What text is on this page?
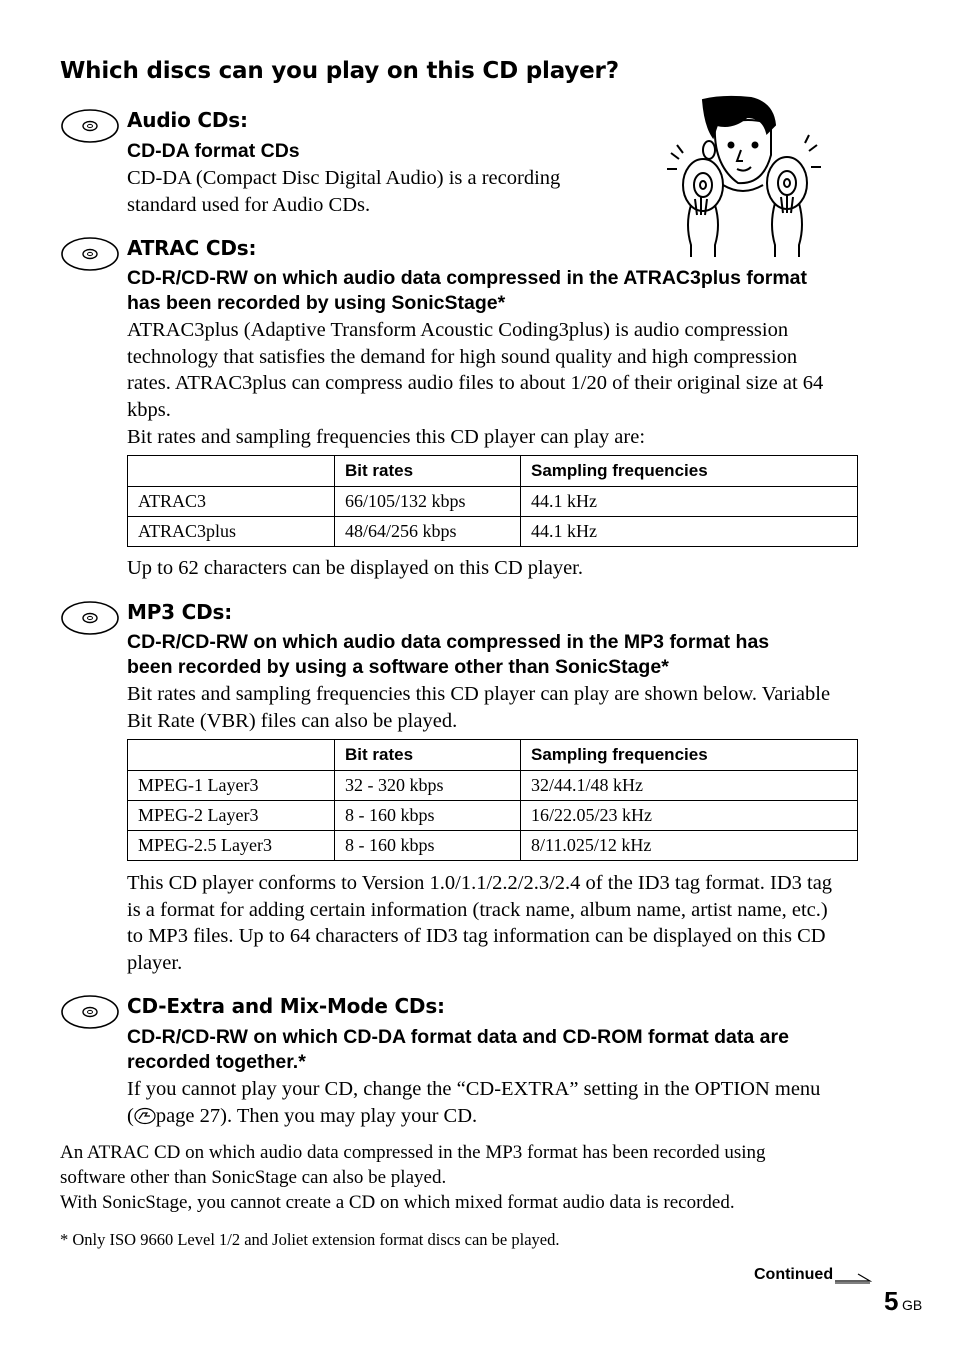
Which discs can you play on this CD player?
Audio CDs:

CD-DA format CDs

CD-DA (Compact Disc Digital Audio) is a recording
standard used for Audio CDs.

ATRAC CDs:

CD-R/CD-RW on which audio data compressed in the ATRAC3plus format
has been recorded by using SonicStage*

ATRAC3plus (Adaptive Transform Acoustic Coding3plus) is audio compression
technology that satisfies the demand for high sound quality and high compression
rates. ATRAC3plus can compress audio files to about 1/20 of their original size at 64
kbps.
Bit rates and sampling frequencies this CD player can play are:

	Bit rates	Sampling frequencies
ATRAC3	66/105/132 kbps	44.1 kHz
ATRAC3plus	48/64/256 kbps	44.1 kHz

Up to 62 characters can be displayed on this CD player.

MP3 CDs:

CD-R/CD-RW on which audio data compressed in the MP3 format has
been recorded by using a software other than SonicStage*

Bit rates and sampling frequencies this CD player can play are shown below. Variable
Bit Rate (VBR) files can also be played.

	Bit rates	Sampling frequencies
MPEG-1 Layer3	32 - 320 kbps	32/44.1/48 kHz
MPEG-2 Layer3	8 - 160 kbps	16/22.05/23 kHz
MPEG-2.5 Layer3	8 - 160 kbps	8/11.025/12 kHz

This CD player conforms to Version 1.0/1.1/2.2/2.3/2.4 of the ID3 tag format. ID3 tag
is a format for adding certain information (track name, album name, artist name, etc.)
to MP3 files. Up to 64 characters of ID3 tag information can be displayed on this CD
player.

CD-Extra and Mix-Mode CDs:

CD-R/CD-RW on which CD-DA format data and CD-ROM format data are
recorded together.*

If you cannot play your CD, change the “CD-EXTRA” setting in the OPTION menu
( page 27). Then you may play your CD.

An ATRAC CD on which audio data compressed in the MP3 format has been recorded using
software other than SonicStage can also be played.
With SonicStage, you cannot create a CD on which mixed format audio data is recorded.

* Only ISO 9660 Level 1/2 and Joliet extension format discs can be played.

Continued
5 GB
